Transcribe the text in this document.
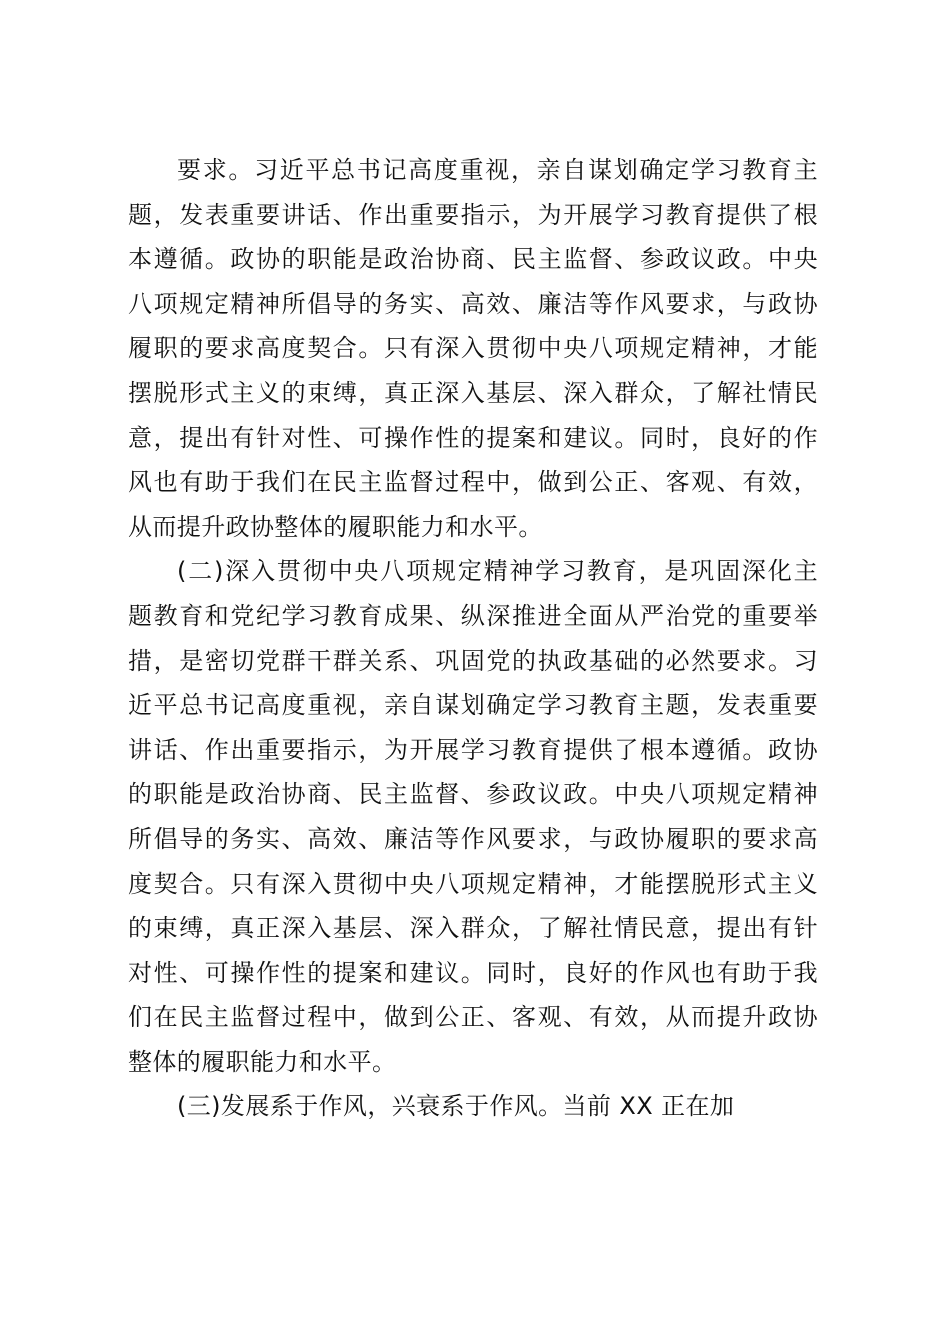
要求。习近平总书记高度重视，亲自谋划确定学习教育主
题，发表重要讲话、作出重要指示，为开展学习教育提供了根
本遵循。政协的职能是政治协商、民主监督、参政议政。中央
八项规定精神所倡导的务实、高效、廉洁等作风要求，与政协
履职的要求高度契合。只有深入贯彻中央八项规定精神，才能
摆脱形式主义的束缚，真正深入基层、深入群众，了解社情民
意，提出有针对性、可操作性的提案和建议。同时，良好的作
风也有助于我们在民主监督过程中，做到公正、客观、有效，
从而提升政协整体的履职能力和水平。
(二)深入贯彻中央八项规定精神学习教育，是巩固深化主
题教育和党纪学习教育成果、纵深推进全面从严治党的重要举
措，是密切党群干群关系、巩固党的执政基础的必然要求。习
近平总书记高度重视，亲自谋划确定学习教育主题，发表重要
讲话、作出重要指示，为开展学习教育提供了根本遵循。政协
的职能是政治协商、民主监督、参政议政。中央八项规定精神
所倡导的务实、高效、廉洁等作风要求，与政协履职的要求高
度契合。只有深入贯彻中央八项规定精神，才能摆脱形式主义
的束缚，真正深入基层、深入群众，了解社情民意，提出有针
对性、可操作性的提案和建议。同时，良好的作风也有助于我
们在民主监督过程中，做到公正、客观、有效，从而提升政协
整体的履职能力和水平。
(三)发展系于作风，兴衰系于作风。当前 XX 正在加
